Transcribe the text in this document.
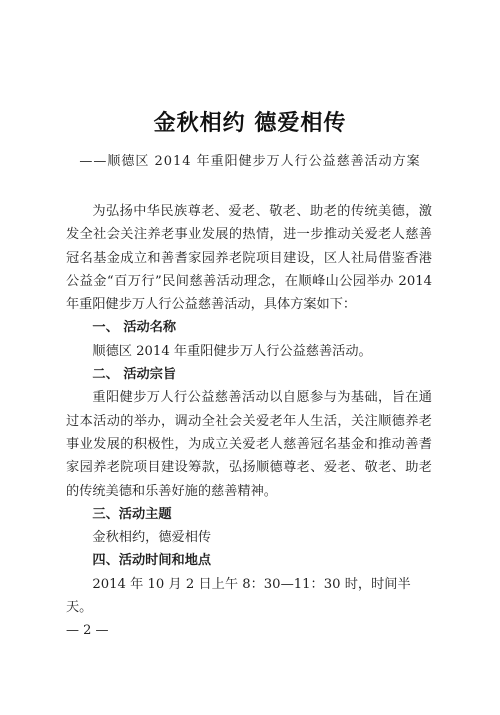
金秋相约 德爱相传
——顺德区 2014 年重阳健步万人行公益慈善活动方案

为弘扬中华民族尊老、爱老、敬老、助老的传统美德，激发全社会关注养老事业发展的热情，进一步推动关爱老人慈善冠名基金成立和善耆家园养老院项目建设，区人社局借鉴香港公益金“百万行”民间慈善活动理念，在顺峰山公园举办 2014 年重阳健步万人行公益慈善活动，具体方案如下：

一、 活动名称

顺德区 2014 年重阳健步万人行公益慈善活动。

二、 活动宗旨

重阳健步万人行公益慈善活动以自愿参与为基础，旨在通过本活动的举办，调动全社会关爱老年人生活，关注顺德养老事业发展的积极性，为成立关爱老人慈善冠名基金和推动善耆家园养老院项目建设筹款，弘扬顺德尊老、爱老、敬老、助老的传统美德和乐善好施的慈善精神。

三、活动主题

金秋相约，德爱相传

四、活动时间和地点

2014 年 10 月 2 日上午 8：30—11：30 时，时间半天。

— 2 —
